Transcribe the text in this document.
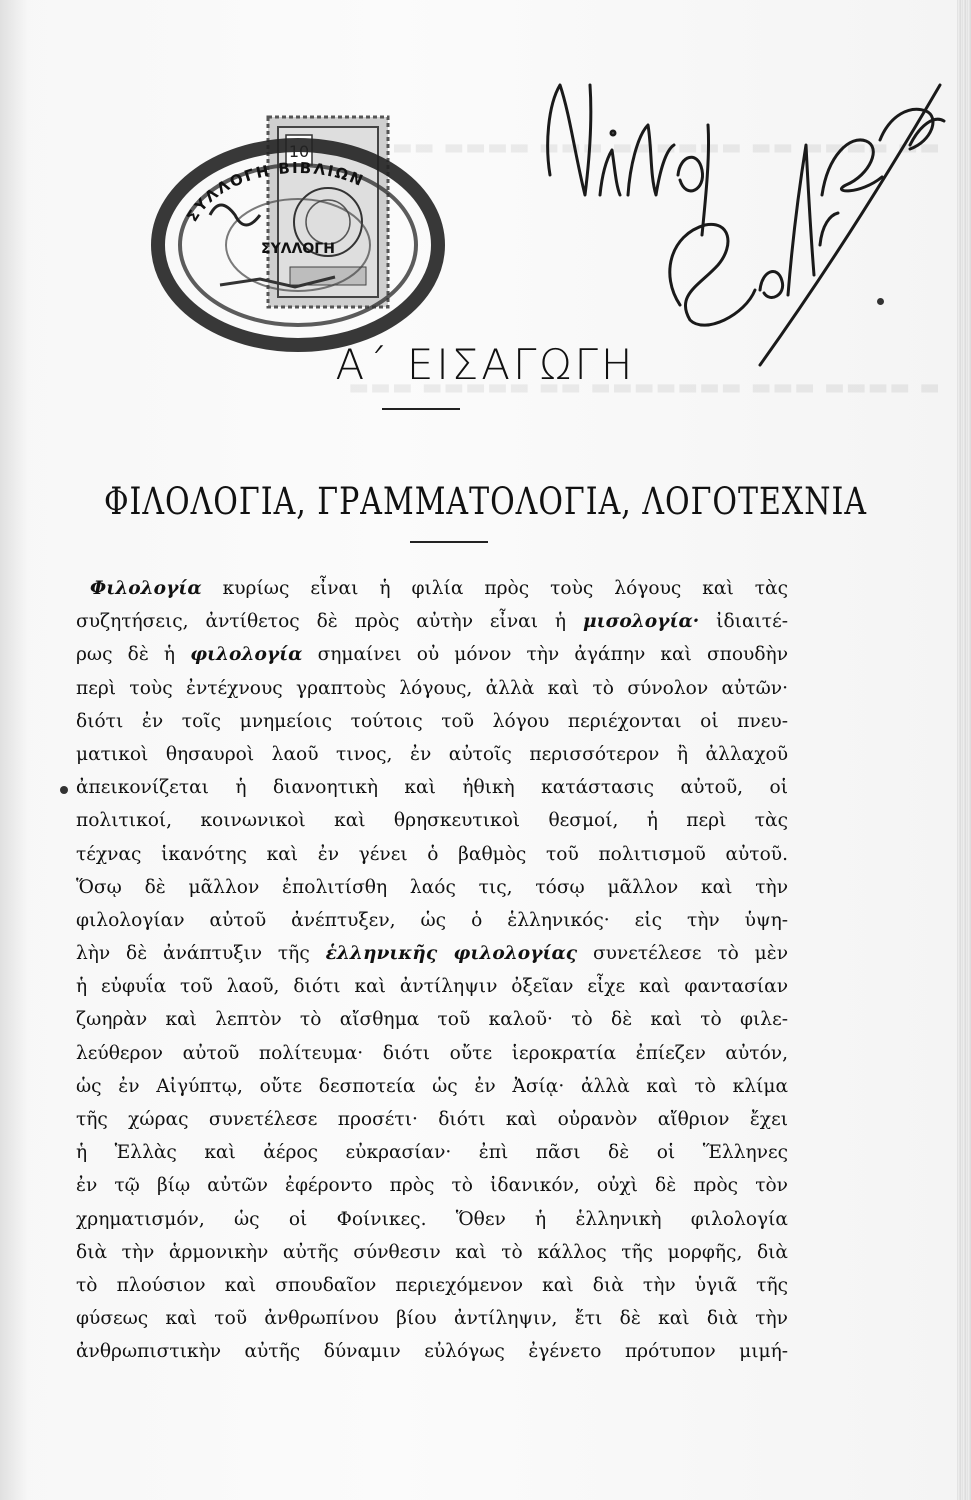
▬▬ ▬▬▬▬ ▬▬▬ ▬▬▬▬▬▬ ▬▬ ▬▬▬▬ ▬▬
▬▬▬ ▬▬▬▬▬ ▬▬ ▬▬▬▬▬▬▬ ▬▬▬ ▬▬▬▬ ▬
10
ΣΥΛΛΟΓΗ ΒΙΒΛΙΩΝ
ΣΥΛΛΟΓΗ
Α΄ ΕΙΣΑΓΩΓΗ
ΦΙΛΟΛΟΓΙΑ, ΓΡΑΜΜΑΤΟΛΟΓΙΑ, ΛΟΓΟΤΕΧΝΙΑ
Φιλολογία κυρίως εἶναι ἡ φιλία πρὸς τοὺς λόγους καὶ τὰς
συζητήσεις, ἀντίθετος δὲ πρὸς αὐτὴν εἶναι ἡ μισολογία· ἰδιαιτέ-
ρως δὲ ἡ φιλολογία σημαίνει οὐ μόνον τὴν ἀγάπην καὶ σπουδὴν
περὶ τοὺς ἐντέχνους γραπτοὺς λόγους, ἀλλὰ καὶ τὸ σύνολον αὐτῶν·
διότι ἐν τοῖς μνημείοις τούτοις τοῦ λόγου περιέχονται οἱ πνευ-
ματικοὶ θησαυροὶ λαοῦ τινος, ἐν αὐτοῖς περισσότερον ἢ ἀλλαχοῦ
ἀπεικονίζεται ἡ διανοητικὴ καὶ ἠθικὴ κατάστασις αὐτοῦ, οἱ
πολιτικοί, κοινωνικοὶ καὶ θρησκευτικοὶ θεσμοί, ἡ περὶ τὰς
τέχνας ἱκανότης καὶ ἐν γένει ὁ βαθμὸς τοῦ πολιτισμοῦ αὐτοῦ.
Ὅσῳ δὲ μᾶλλον ἐπολιτίσθη λαός τις, τόσῳ μᾶλλον καὶ τὴν
φιλολογίαν αὐτοῦ ἀνέπτυξεν, ὡς ὁ ἑλληνικός· εἰς τὴν ὑψη-
λὴν δὲ ἀνάπτυξιν τῆς ἑλληνικῆς φιλολογίας συνετέλεσε τὸ μὲν
ἡ εὐφυΐα τοῦ λαοῦ, διότι καὶ ἀντίληψιν ὀξεῖαν εἶχε καὶ φαντασίαν
ζωηρὰν καὶ λεπτὸν τὸ αἴσθημα τοῦ καλοῦ· τὸ δὲ καὶ τὸ φιλε-
λεύθερον αὐτοῦ πολίτευμα· διότι οὔτε ἱεροκρατία ἐπίεζεν αὐτόν,
ὡς ἐν Αἰγύπτῳ, οὔτε δεσποτεία ὡς ἐν Ἀσίᾳ· ἀλλὰ καὶ τὸ κλίμα
τῆς χώρας συνετέλεσε προσέτι· διότι καὶ οὐρανὸν αἴθριον ἔχει
ἡ Ἑλλὰς καὶ ἀέρος εὐκρασίαν· ἐπὶ πᾶσι δὲ οἱ Ἕλληνες
ἐν τῷ βίῳ αὐτῶν ἐφέροντο πρὸς τὸ ἰδανικόν, οὐχὶ δὲ πρὸς τὸν
χρηματισμόν, ὡς οἱ Φοίνικες. Ὅθεν ἡ ἑλληνικὴ φιλολογία
διὰ τὴν ἁρμονικὴν αὐτῆς σύνθεσιν καὶ τὸ κάλλος τῆς μορφῆς, διὰ
τὸ πλούσιον καὶ σπουδαῖον περιεχόμενον καὶ διὰ τὴν ὑγιᾶ τῆς
φύσεως καὶ τοῦ ἀνθρωπίνου βίου ἀντίληψιν, ἔτι δὲ καὶ διὰ τὴν
ἀνθρωπιστικὴν αὐτῆς δύναμιν εὐλόγως ἐγένετο πρότυπον μιμή-
